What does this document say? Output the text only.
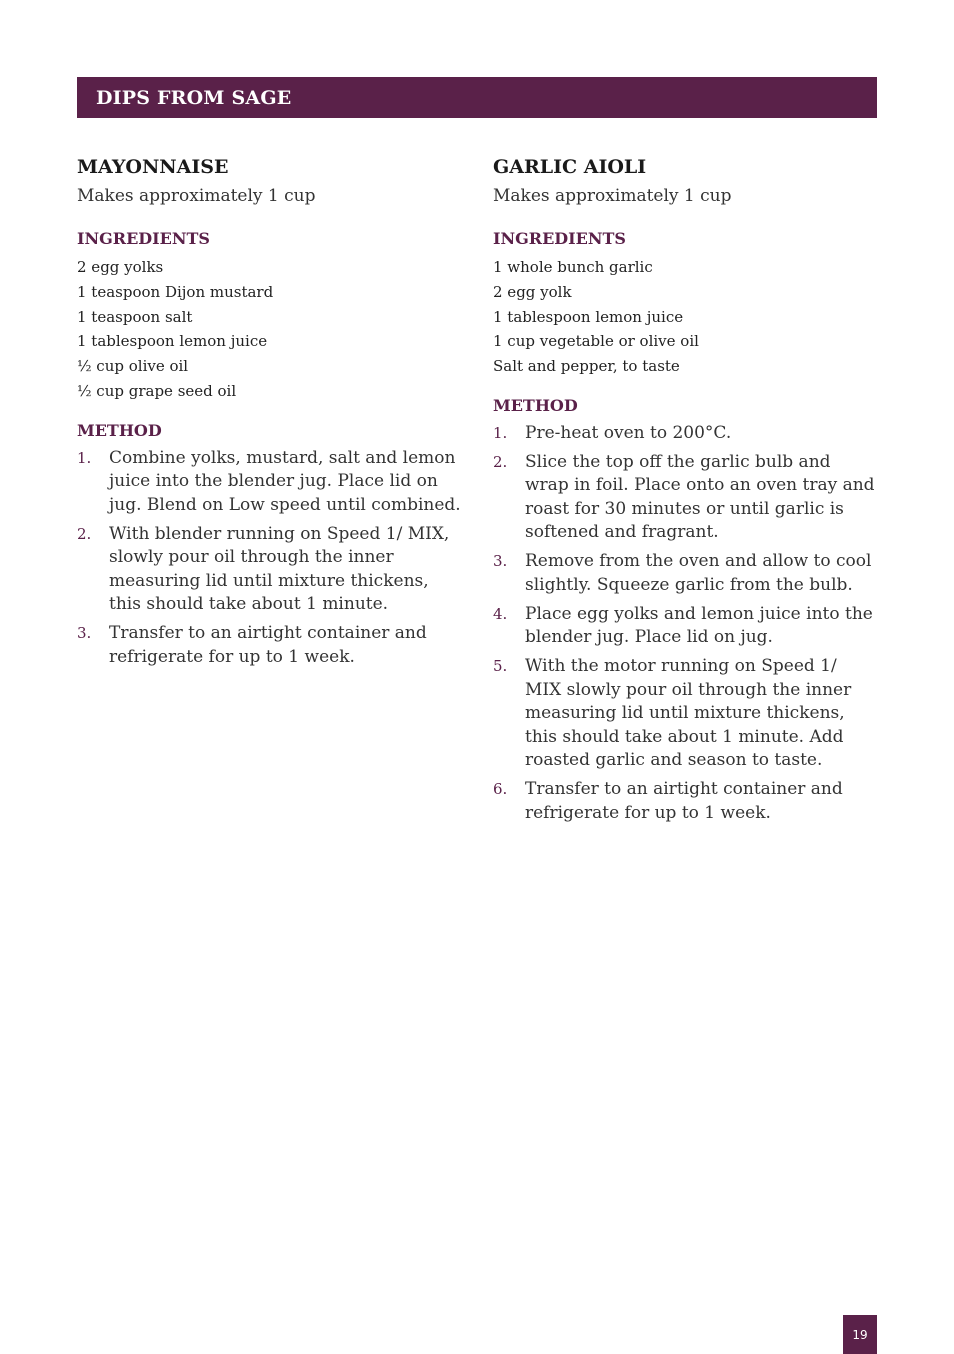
DIPS FROM SAGE
MAYONNAISE

Makes approximately 1 cup

INGREDIENTS
2 egg yolks
1 teaspoon Dijon mustard
1 teaspoon salt
1 tablespoon lemon juice
½ cup olive oil
½ cup grape seed oil
METHOD
1.	Combine yolks, mustard, salt and lemon juice into the blender jug. Place lid on jug. Blend on Low speed until combined.
2.	With blender running on Speed 1/ MIX, slowly pour oil through the inner measuring lid until mixture thickens, this should take about 1 minute.
3.	Transfer to an airtight container and refrigerate for up to 1 week.
GARLIC AIOLI

Makes approximately 1 cup

INGREDIENTS
1 whole bunch garlic
2 egg yolk
1 tablespoon lemon juice
1 cup vegetable or olive oil
Salt and pepper, to taste
METHOD
1.	Pre-heat oven to 200°C.
2.	Slice the top off the garlic bulb and wrap in foil. Place onto an oven tray and roast for 30 minutes or until garlic is softened and fragrant.
3.	Remove from the oven and allow to cool slightly. Squeeze garlic from the bulb.
4.	Place egg yolks and lemon juice into the blender jug. Place lid on jug.
5.	With the motor running on Speed 1/ MIX slowly pour oil through the inner measuring lid until mixture thickens, this should take about 1 minute. Add roasted garlic and season to taste.
6.	Transfer to an airtight container and refrigerate for up to 1 week.
19
